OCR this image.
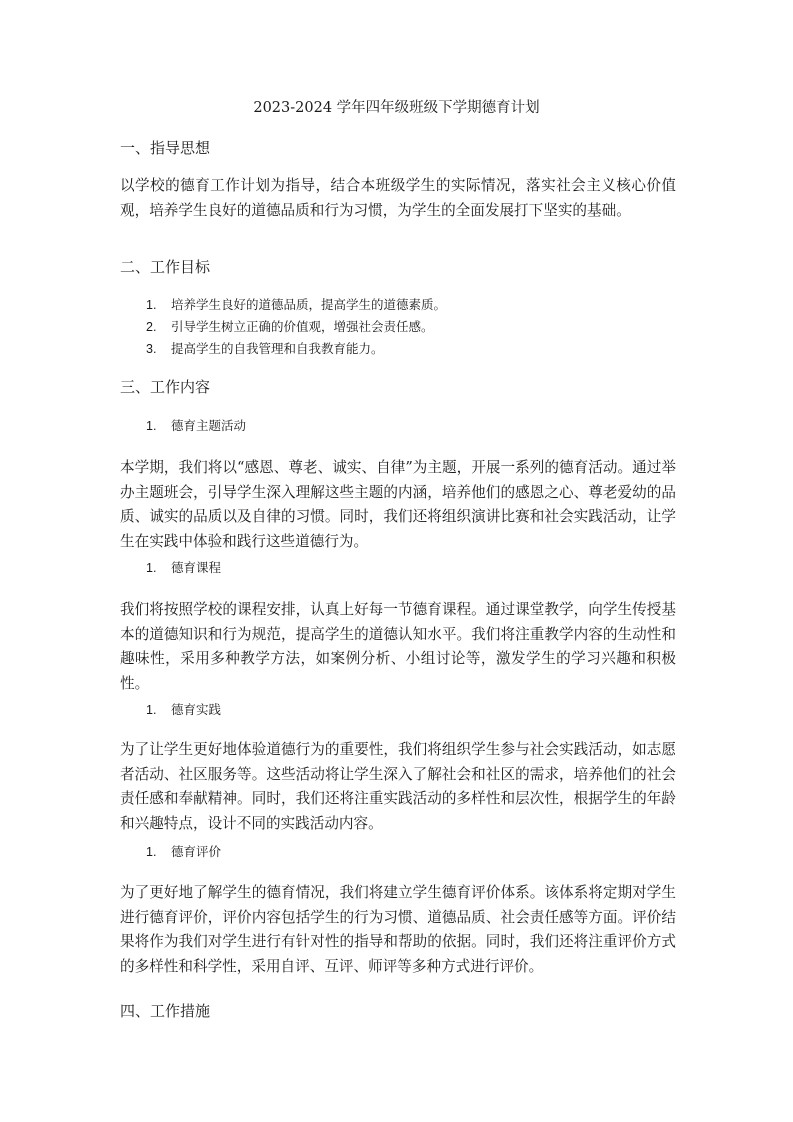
2023-2024 学年四年级班级下学期德育计划
一、指导思想
以学校的德育工作计划为指导，结合本班级学生的实际情况，落实社会主义核心价值观，培养学生良好的道德品质和行为习惯，为学生的全面发展打下坚实的基础。
二、工作目标
1. 培养学生良好的道德品质，提高学生的道德素质。
2. 引导学生树立正确的价值观，增强社会责任感。
3. 提高学生的自我管理和自我教育能力。
三、工作内容
1. 德育主题活动
本学期，我们将以“感恩、尊老、诚实、自律”为主题，开展一系列的德育活动。通过举办主题班会，引导学生深入理解这些主题的内涵，培养他们的感恩之心、尊老爱幼的品质、诚实的品质以及自律的习惯。同时，我们还将组织演讲比赛和社会实践活动，让学生在实践中体验和践行这些道德行为。
1. 德育课程
我们将按照学校的课程安排，认真上好每一节德育课程。通过课堂教学，向学生传授基本的道德知识和行为规范，提高学生的道德认知水平。我们将注重教学内容的生动性和趣味性，采用多种教学方法，如案例分析、小组讨论等，激发学生的学习兴趣和积极性。
1. 德育实践
为了让学生更好地体验道德行为的重要性，我们将组织学生参与社会实践活动，如志愿者活动、社区服务等。这些活动将让学生深入了解社会和社区的需求，培养他们的社会责任感和奉献精神。同时，我们还将注重实践活动的多样性和层次性，根据学生的年龄和兴趣特点，设计不同的实践活动内容。
1. 德育评价
为了更好地了解学生的德育情况，我们将建立学生德育评价体系。该体系将定期对学生进行德育评价，评价内容包括学生的行为习惯、道德品质、社会责任感等方面。评价结果将作为我们对学生进行有针对性的指导和帮助的依据。同时，我们还将注重评价方式的多样性和科学性，采用自评、互评、师评等多种方式进行评价。
四、工作措施
